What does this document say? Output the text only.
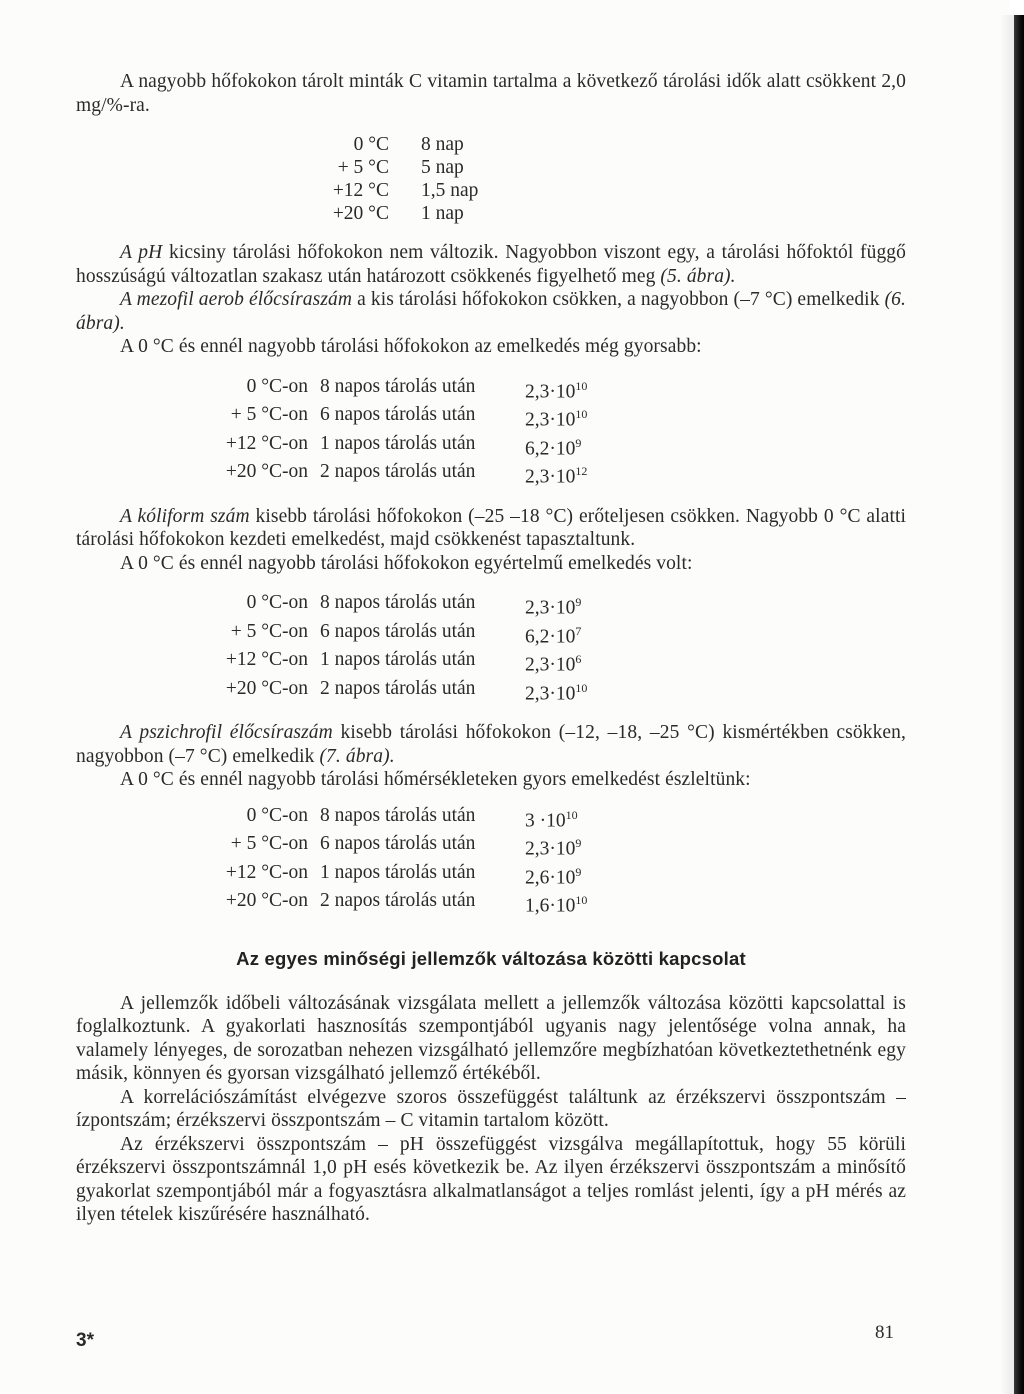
A nagyobb hőfokokon tárolt minták C vitamin tartalma a következő tárolási idők alatt csökkent 2,0 mg/%-ra.

0 °C	8 nap
+ 5 °C	5 nap
+12 °C	1,5 nap
+20 °C	1 nap

A pH kicsiny tárolási hőfokokon nem változik. Nagyobbon viszont egy, a tárolási hőfoktól függő hosszúságú változatlan szakasz után határozott csökkenés figyelhető meg (5. ábra).

A mezofil aerob élőcsíraszám a kis tárolási hőfokokon csökken, a nagyobbon (–7 °C) emelkedik (6. ábra).

A 0 °C és ennél nagyobb tárolási hőfokokon az emelkedés még gyorsabb:

0 °C-on	8 napos tárolás után	$2,3\cdot 10^{10}$
+ 5 °C-on	6 napos tárolás után	$2,3\cdot 10^{10}$
+12 °C-on	1 napos tárolás után	$6,2\cdot 10^9$
+20 °C-on	2 napos tárolás után	$2,3\cdot 10^{12}$

A kóliform szám kisebb tárolási hőfokokon (–25 –18 °C) erőteljesen csökken. Nagyobb 0 °C alatti tárolási hőfokokon kezdeti emelkedést, majd csökkenést tapasztaltunk.

A 0 °C és ennél nagyobb tárolási hőfokokon egyértelmű emelkedés volt:

0 °C-on	8 napos tárolás után	$2,3\cdot 10^9$
+ 5 °C-on	6 napos tárolás után	$6,2\cdot 10^7$
+12 °C-on	1 napos tárolás után	$2,3\cdot 10^6$
+20 °C-on	2 napos tárolás után	$2,3\cdot 10^{10}$

A pszichrofil élőcsíraszám kisebb tárolási hőfokokon (–12, –18, –25 °C) kismértékben csökken, nagyobbon (–7 °C) emelkedik (7. ábra).

A 0 °C és ennél nagyobb tárolási hőmérsékleteken gyors emelkedést észleltünk:

0 °C-on	8 napos tárolás után	$3 \cdot 10^{10}$
+ 5 °C-on	6 napos tárolás után	$2,3\cdot 10^9$
+12 °C-on	1 napos tárolás után	$2,6\cdot 10^9$
+20 °C-on	2 napos tárolás után	$1,6\cdot 10^{10}$
Az egyes minőségi jellemzők változása közötti kapcsolat

A jellemzők időbeli változásának vizsgálata mellett a jellemzők változása közötti kapcsolattal is foglalkoztunk. A gyakorlati hasznosítás szempontjából ugyanis nagy jelentősége volna annak, ha valamely lényeges, de sorozatban nehezen vizsgálható jellemzőre megbízhatóan következtethetnénk egy másik, könnyen és gyorsan vizsgálható jellemző értékéből.

A korrelációszámítást elvégezve szoros összefüggést találtunk az érzékszervi összpontszám – ízpontszám; érzékszervi összpontszám – C vitamin tartalom között.

Az érzékszervi összpontszám – pH összefüggést vizsgálva megállapítottuk, hogy 55 körüli érzékszervi összpontszámnál 1,0 pH esés következik be. Az ilyen érzékszervi összpontszám a minősítő gyakorlat szempontjából már a fogyasztásra alkalmatlanságot a teljes romlást jelenti, így a pH mérés az ilyen tételek kiszűrésére használható.

3*	81
